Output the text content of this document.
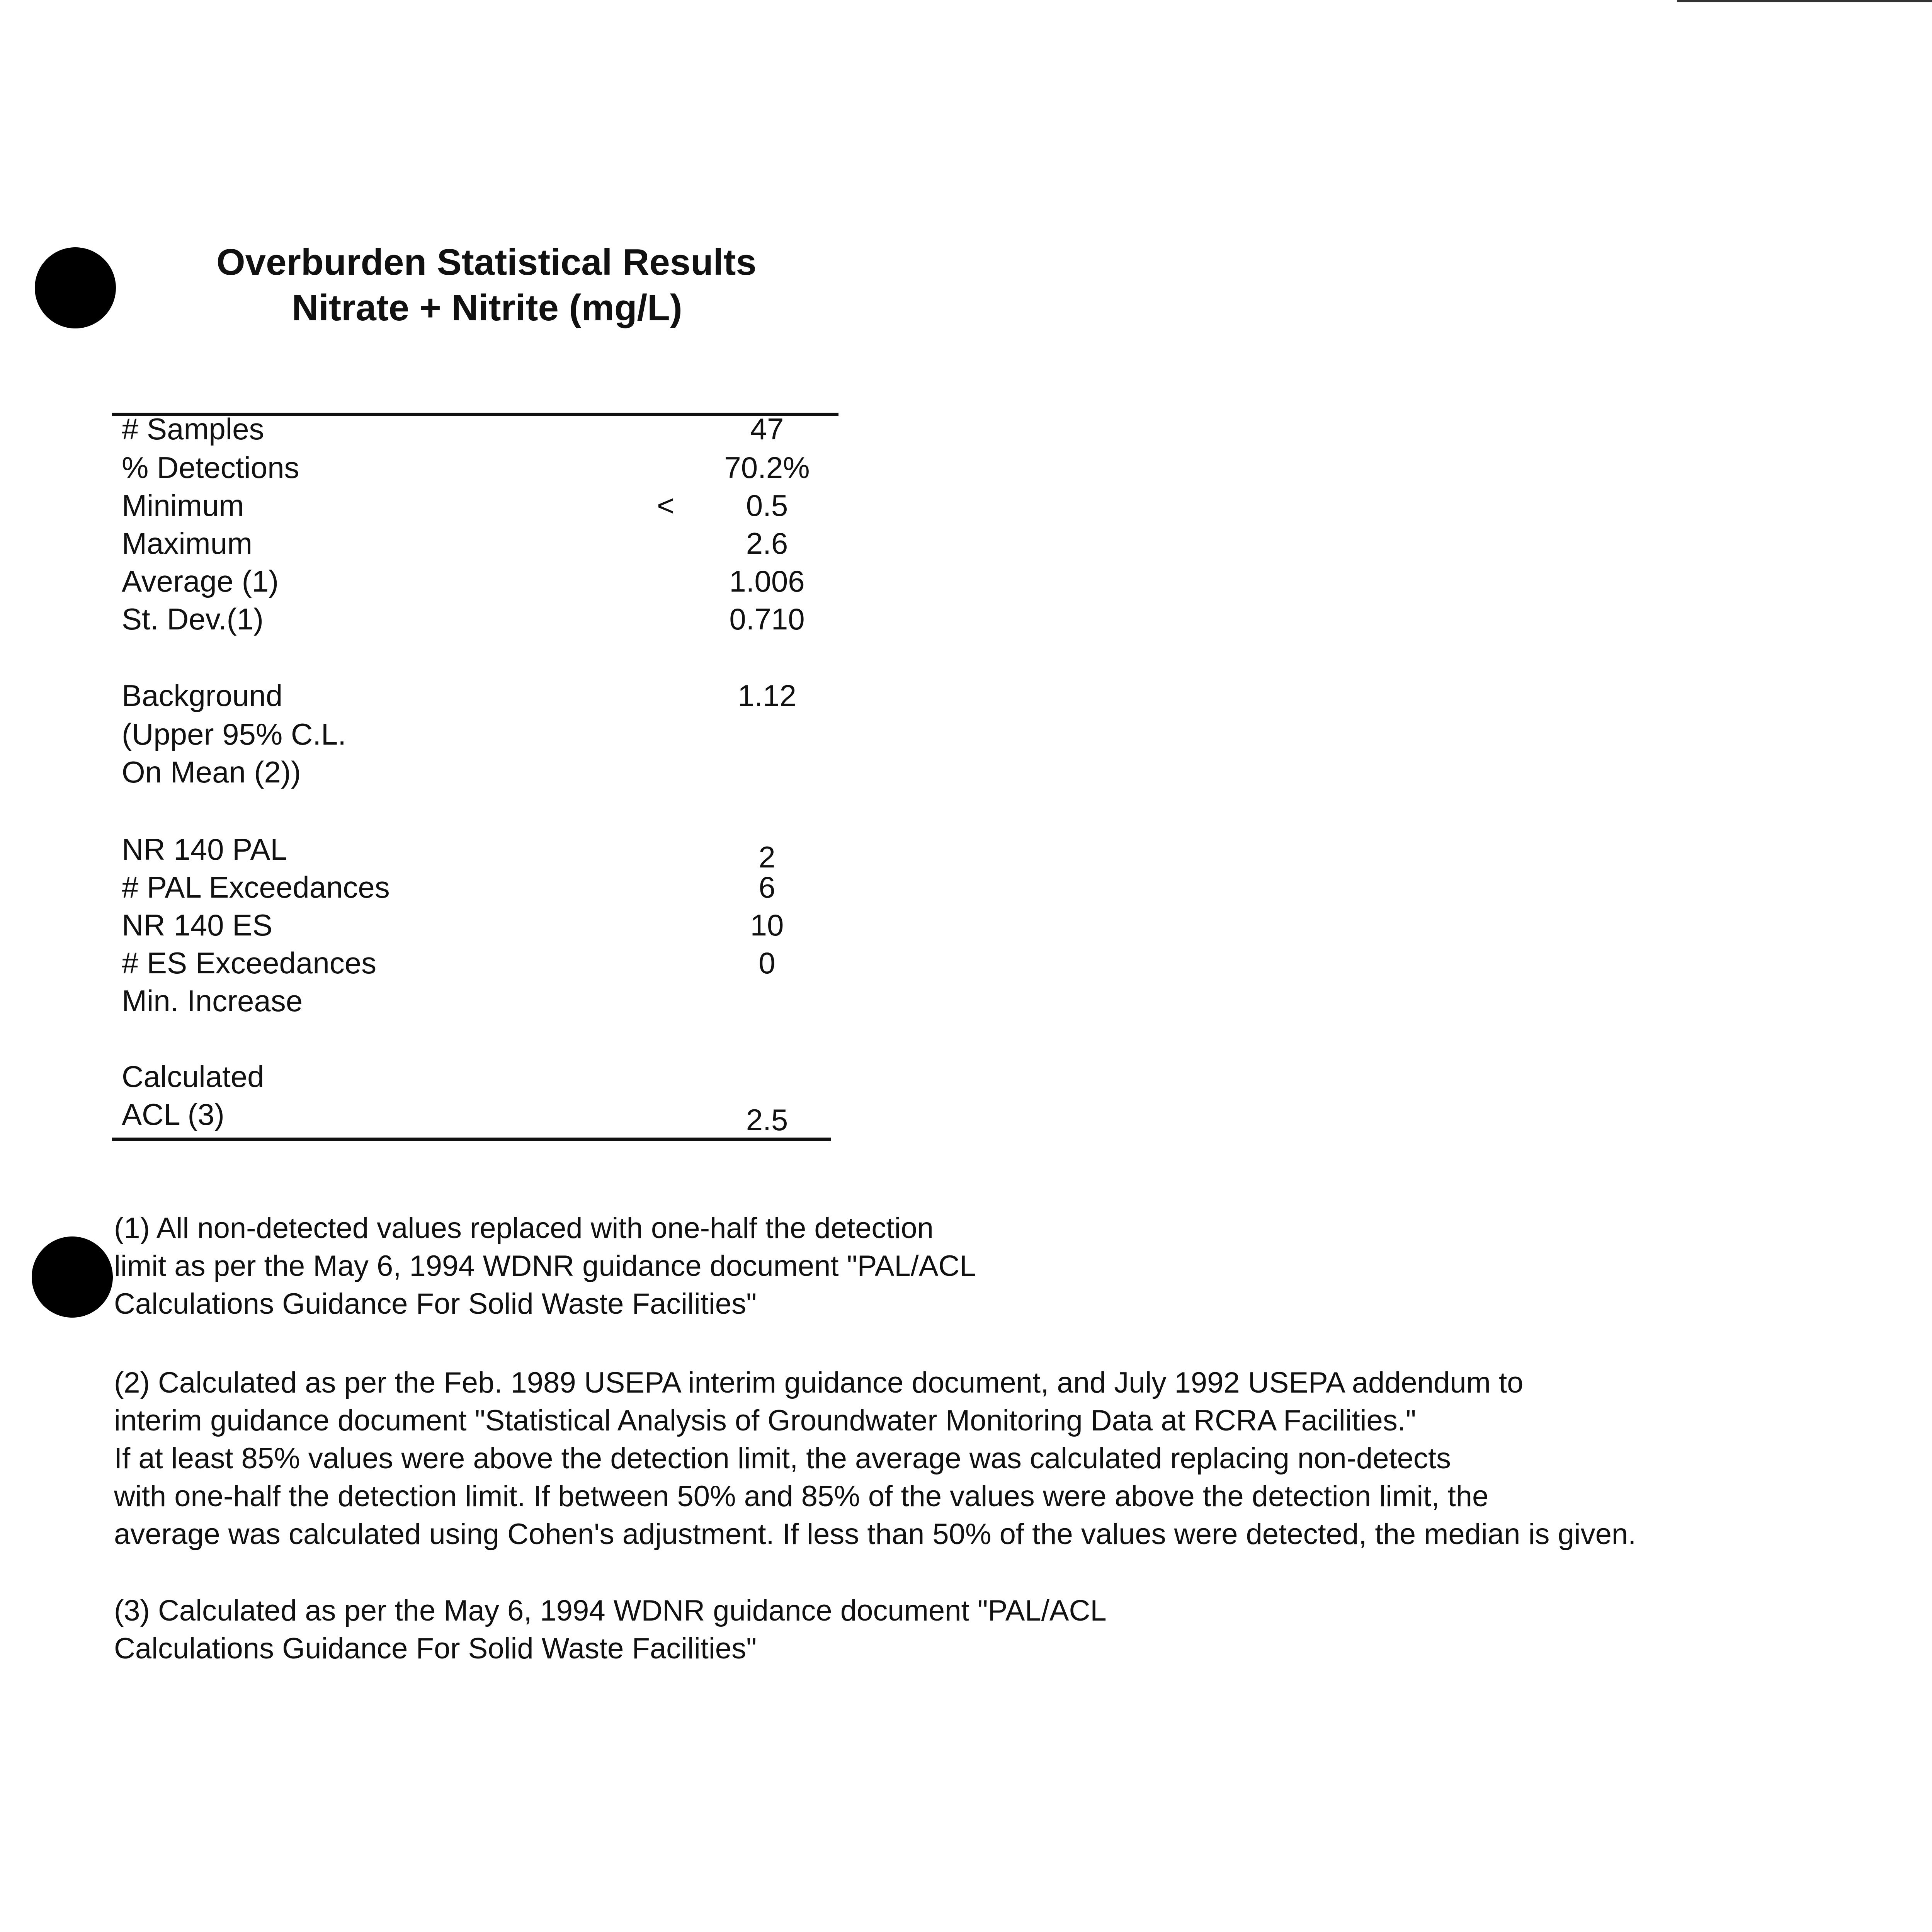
Overburden Statistical Results
Nitrate + Nitrite (mg/L)
# Samples	47
% Detections	70.2%
Minimum	<	0.5
Maximum	2.6
Average (1)	1.006
St. Dev.(1)	0.710
Background	1.12
(Upper 95% C.L.
On Mean (2))
NR 140 PAL	2
# PAL Exceedances	6
NR 140 ES	10
# ES Exceedances	0
Min. Increase
Calculated
ACL (3)	2.5
(1) All non-detected values replaced with one-half the detection
limit as per the May 6, 1994 WDNR guidance document "PAL/ACL
Calculations Guidance For Solid Waste Facilities"
(2) Calculated as per the Feb. 1989 USEPA interim guidance document, and July 1992 USEPA addendum to
interim guidance document "Statistical Analysis of Groundwater Monitoring Data at RCRA Facilities."
If at least 85% values were above the detection limit, the average was calculated replacing non-detects
with one-half the detection limit. If between 50% and 85% of the values were above the detection limit, the
average was calculated using Cohen's adjustment. If less than 50% of the values were detected, the median is given.
(3) Calculated as per the May 6, 1994 WDNR guidance document "PAL/ACL
Calculations Guidance For Solid Waste Facilities"
